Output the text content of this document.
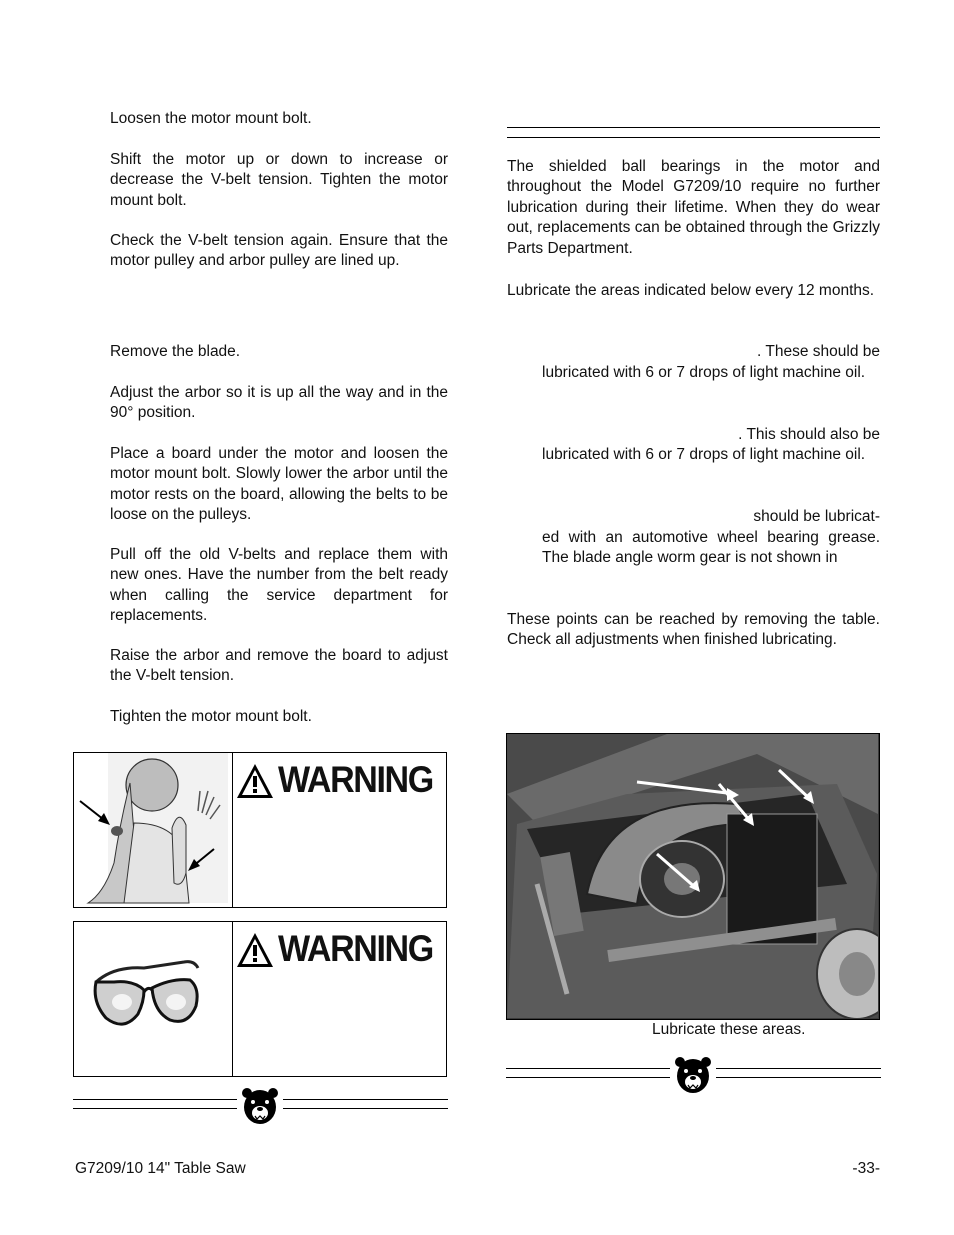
Loosen the motor mount bolt.

Shift the motor up or down to increase or decrease the V-belt tension. Tighten the motor mount bolt.

Check the V-belt tension again. Ensure that the motor pulley and arbor pulley are lined up.

Remove the blade.

Adjust the arbor so it is up all the way and in the 90° position.

Place a board under the motor and loosen the motor mount bolt. Slowly lower the arbor until the motor rests on the board, allowing the belts to be loose on the pulleys.

Pull off the old V-belts and replace them with new ones. Have the number from the belt ready when calling the service department for replacements.

Raise the arbor and remove the board to adjust the V-belt tension.

Tighten the motor mount bolt.

WARNING
WARNING

The shielded ball bearings in the motor and throughout the Model G7209/10 require no further lubrication during their lifetime. When they do wear out, replacements can be obtained through the Grizzly Parts Department.

Lubricate the areas indicated below every 12 months.

. These should be

lubricated with 6 or 7 drops of light machine oil.

. This should also be

lubricated with 6 or 7 drops of light machine oil.

should be lubricat-

ed with an automotive wheel bearing grease. The blade angle worm gear is not shown in

These points can be reached by removing the table. Check all adjustments when finished lubricating.

Lubricate these areas.
G7209/10 14" Table Saw	-33-
